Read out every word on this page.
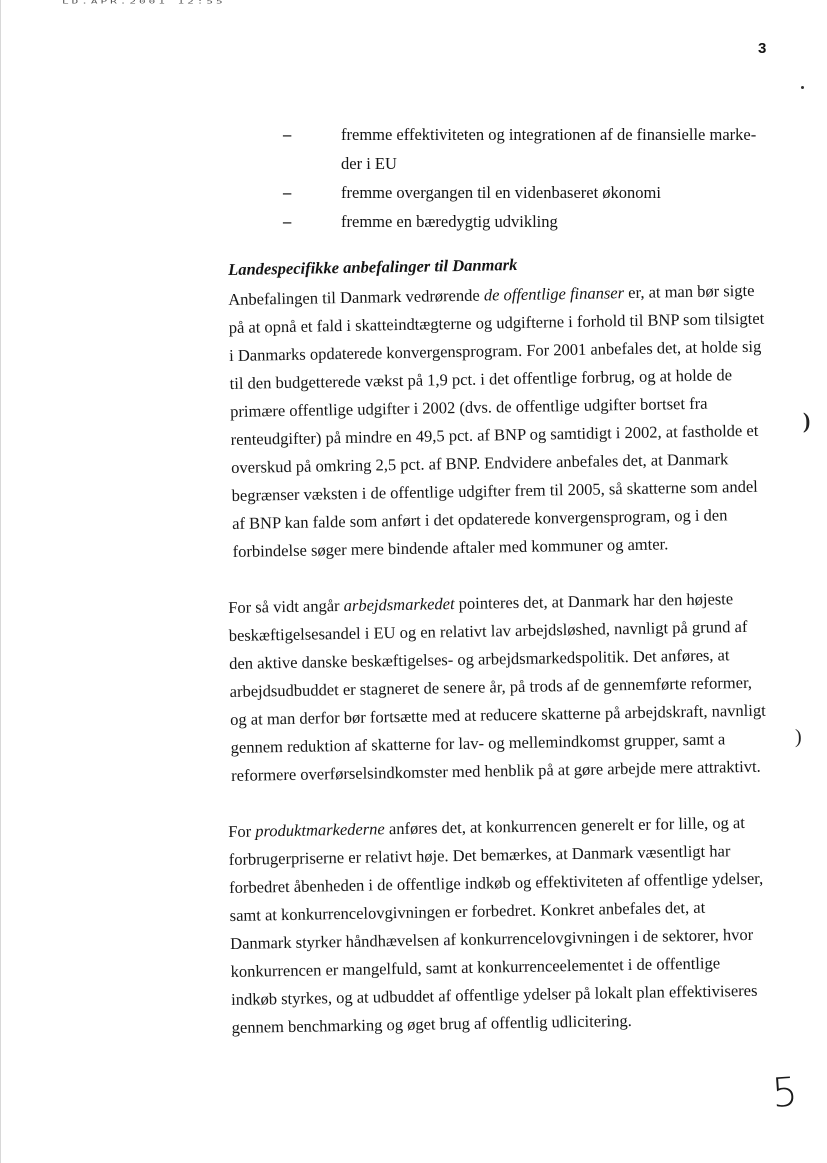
LD.APR.2001 12:55
3
–	fremme effektiviteten og integrationen af de finansielle marke-
der i EU
–	fremme overgangen til en videnbaseret økonomi
–	fremme en bæredygtig udvikling
Landespecifikke anbefalinger til Danmark
Anbefalingen til Danmark vedrørende de offentlige finanser er, at man bør sigte
på at opnå et fald i skatteindtægterne og udgifterne i forhold til BNP som tilsigtet
i Danmarks opdaterede konvergensprogram. For 2001 anbefales det, at holde sig
til den budgetterede vækst på 1,9 pct. i det offentlige forbrug, og at holde de
primære offentlige udgifter i 2002 (dvs. de offentlige udgifter bortset fra
renteudgifter) på mindre en 49,5 pct. af BNP og samtidigt i 2002, at fastholde et
overskud på omkring 2,5 pct. af BNP. Endvidere anbefales det, at Danmark
begrænser væksten i de offentlige udgifter frem til 2005, så skatterne som andel
af BNP kan falde som anført i det opdaterede konvergensprogram, og i den
forbindelse søger mere bindende aftaler med kommuner og amter.
For så vidt angår arbejdsmarkedet pointeres det, at Danmark har den højeste
beskæftigelsesandel i EU og en relativt lav arbejdsløshed, navnligt på grund af
den aktive danske beskæftigelses- og arbejdsmarkedspolitik. Det anføres, at
arbejdsudbuddet er stagneret de senere år, på trods af de gennemførte reformer,
og at man derfor bør fortsætte med at reducere skatterne på arbejdskraft, navnligt
gennem reduktion af skatterne for lav- og mellemindkomst grupper, samt a
reformere overførselsindkomster med henblik på at gøre arbejde mere attraktivt.
For produktmarkederne anføres det, at konkurrencen generelt er for lille, og at
forbrugerpriserne er relativt høje. Det bemærkes, at Danmark væsentligt har
forbedret åbenheden i de offentlige indkøb og effektiviteten af offentlige ydelser,
samt at konkurrencelovgivningen er forbedret. Konkret anbefales det, at
Danmark styrker håndhævelsen af konkurrencelovgivningen i de sektorer, hvor
konkurrencen er mangelfuld, samt at konkurrenceelementet i de offentlige
indkøb styrkes, og at udbuddet af offentlige ydelser på lokalt plan effektiviseres
gennem benchmarking og øget brug af offentlig udlicitering.
)
)
5
